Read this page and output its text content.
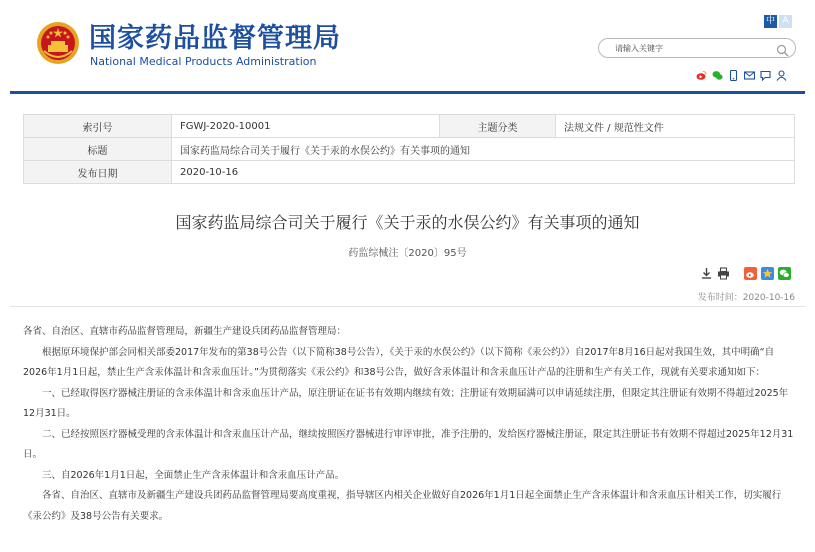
国家药品监督管理局
National Medical Products Administration
中 A
请输入关键字
索引号	FGWJ-2020-10001	主题分类	法规文件 / 规范性文件
标题	国家药监局综合司关于履行《关于汞的水俣公约》有关事项的通知		
发布日期	2020-10-16		
国家药监局综合司关于履行《关于汞的水俣公约》有关事项的通知
药监综械注〔2020〕95号
发布时间：2020-10-16

各省、自治区、直辖市药品监督管理局，新疆生产建设兵团药品监督管理局：

根据原环境保护部会同相关部委2017年发布的第38号公告（以下简称38号公告），《关于汞的水俣公约》（以下简称《汞公约》）自2017年8月16日起对我国生效，其中明确“自2026年1月1日起，禁止生产含汞体温计和含汞血压计。”为贯彻落实《汞公约》和38号公告，做好含汞体温计和含汞血压计产品的注册和生产有关工作，现就有关要求通知如下：

一、已经取得医疗器械注册证的含汞体温计和含汞血压计产品，原注册证在证书有效期内继续有效；注册证有效期届满可以申请延续注册，但限定其注册证有效期不得超过2025年12月31日。

二、已经按照医疗器械受理的含汞体温计和含汞血压计产品，继续按照医疗器械进行审评审批，准予注册的，发给医疗器械注册证，限定其注册证书有效期不得超过2025年12月31日。

三、自2026年1月1日起，全面禁止生产含汞体温计和含汞血压计产品。

各省、自治区、直辖市及新疆生产建设兵团药品监督管理局要高度重视，指导辖区内相关企业做好自2026年1月1日起全面禁止生产含汞体温计和含汞血压计相关工作，切实履行《汞公约》及38号公告有关要求。
